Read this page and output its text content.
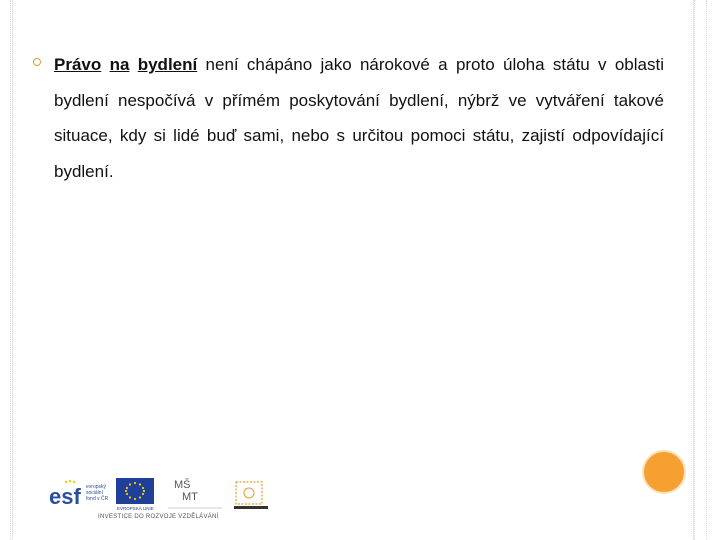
Právo na bydlení není chápáno jako nárokové a proto úloha státu v oblasti bydlení nespočívá v přímém poskytování bydlení, nýbrž ve vytváření takové situace, kdy si lidé buď sami, nebo s určitou pomoci státu, zajistí odpovídající bydlení.

esf evropský
sociální
fond v ČR
EVROPSKÁ UNIE
MŠ
MT
INVESTICE DO ROZVOJE VZDĚLÁVÁNÍ
